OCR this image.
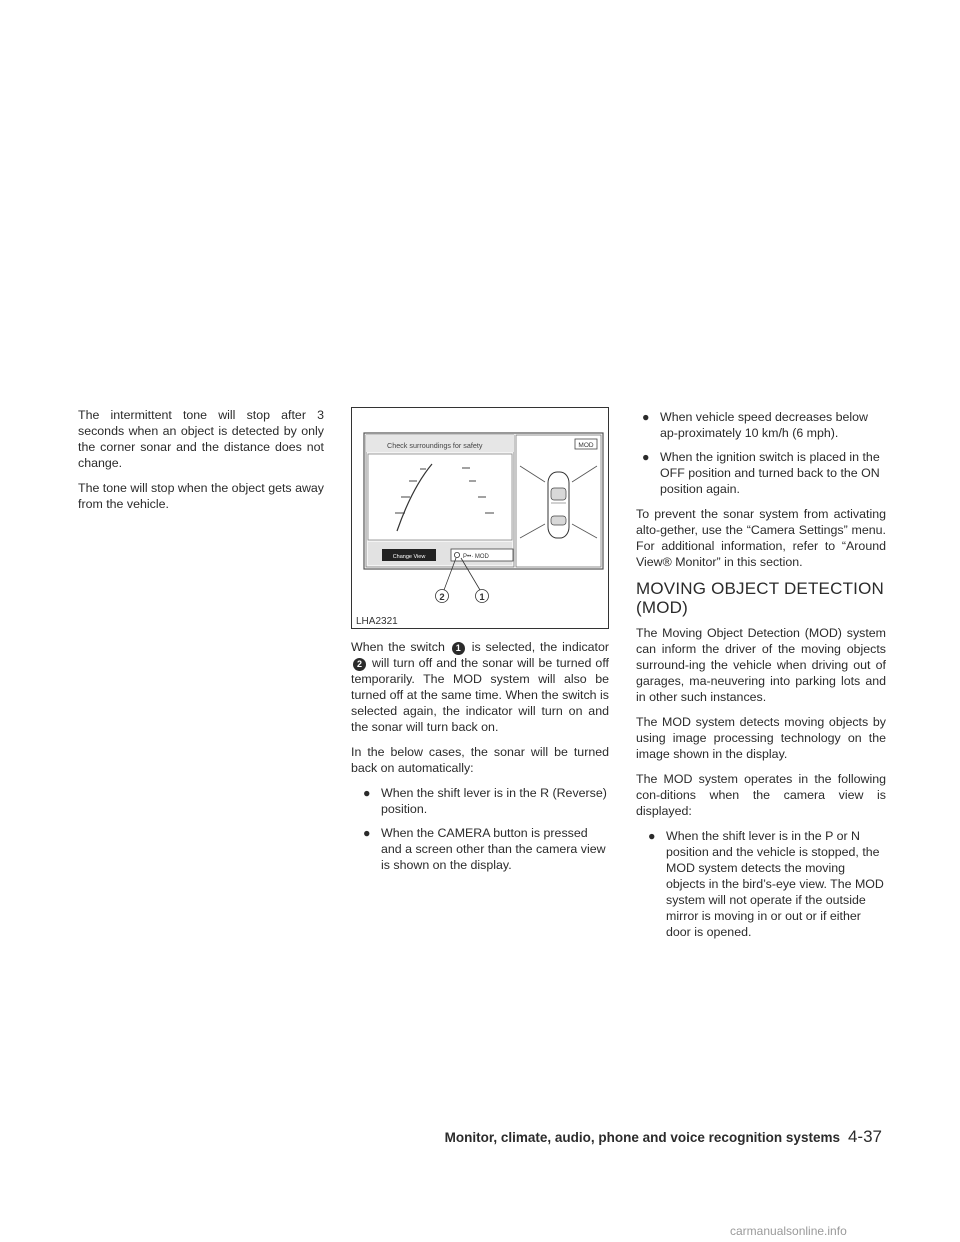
The intermittent tone will stop after 3 seconds when an object is detected by only the corner sonar and the distance does not change.

The tone will stop when the object gets away from the vehicle.

Check surroundings for safety
Change View	P••· MOD
MOD
2	1
LHA2321

When the switch 1 is selected, the indicator 2 will turn off and the sonar will be turned off temporarily. The MOD system will also be turned off at the same time. When the switch is selected again, the indicator will turn on and the sonar will turn back on.

In the below cases, the sonar will be turned back on automatically:

● When the shift lever is in the R (Reverse) position.
● When the CAMERA button is pressed and a screen other than the camera view is shown on the display.
● When vehicle speed decreases below ap-proximately 10 km/h (6 mph).
● When the ignition switch is placed in the OFF position and turned back to the ON position again.

To prevent the sonar system from activating alto-gether, use the “Camera Settings” menu. For additional information, refer to “Around View® Monitor” in this section.

MOVING OBJECT DETECTION (MOD)

The Moving Object Detection (MOD) system can inform the driver of the moving objects surround-ing the vehicle when driving out of garages, ma-neuvering into parking lots and in other such instances.

The MOD system detects moving objects by using image processing technology on the image shown in the display.

The MOD system operates in the following con-ditions when the camera view is displayed:

● When the shift lever is in the P or N position and the vehicle is stopped, the MOD system detects the moving objects in the bird’s-eye view. The MOD system will not operate if the outside mirror is moving in or out or if either door is opened.
Monitor, climate, audio, phone and voice recognition systems 4-37
carmanualsonline.info
